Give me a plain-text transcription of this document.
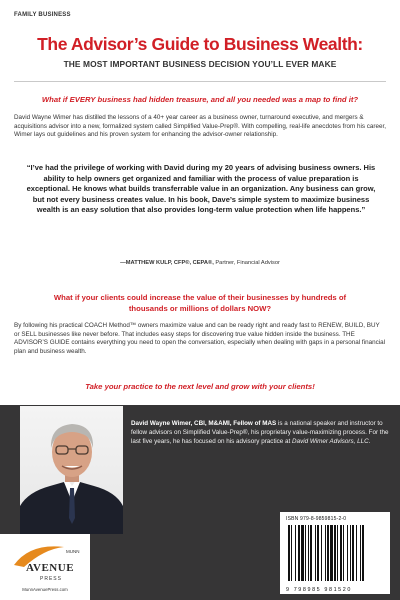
FAMILY BUSINESS
The Advisor’s Guide to Business Wealth:
THE MOST IMPORTANT BUSINESS DECISION YOU’LL EVER MAKE
What if EVERY business had hidden treasure, and all you needed was a map to find it?
David Wayne Wimer has distilled the lessons of a 40+ year career as a business owner, turnaround executive, and mergers & acquisitions advisor into a new, formalized system called Simplified Value-Prep®. With compelling, real-life anecdotes from his career, Wimer lays out guidelines and his proven system for enhancing the advisor-owner relationship.
“I’ve had the privilege of working with David during my 20 years of advising business owners. His ability to help owners get organized and familiar with the process of value preparation is exceptional. He knows what builds transferrable value in an organization. Any business can grow, but not every business creates value. In his book, Dave’s simple system to maximize business wealth is an easy solution that also provides long-term value protection when life happens.”
—MATTHEW KULP, CFP®, CEPA®, Partner, Financial Advisor
What if your clients could increase the value of their businesses by hundreds of thousands or millions of dollars NOW?
By following his practical COACH Method™ owners maximize value and can be ready right and ready fast to RENEW, BUILD, BUY or SELL businesses like never before. That includes easy steps for discovering true value hidden inside the business. THE ADVISOR’S GUIDE contains everything you need to open the conversation, especially when dealing with gaps in a personal financial plan and business wealth.
Take your practice to the next level and grow with your clients!
David Wayne Wimer, CBI, M&AMI, Fellow of MAS is a national speaker and instructor to fellow advisors on Simplified Value-Prep®, his proprietary value-maximizing process. For the last five years, he has focused on his advisory practice at David Wimer Advisors, LLC.
ISBN 979-8-9859815-2-0
9 798985 981520
MUNN
AVENUE
PRESS
MunnAvenuePress.com
